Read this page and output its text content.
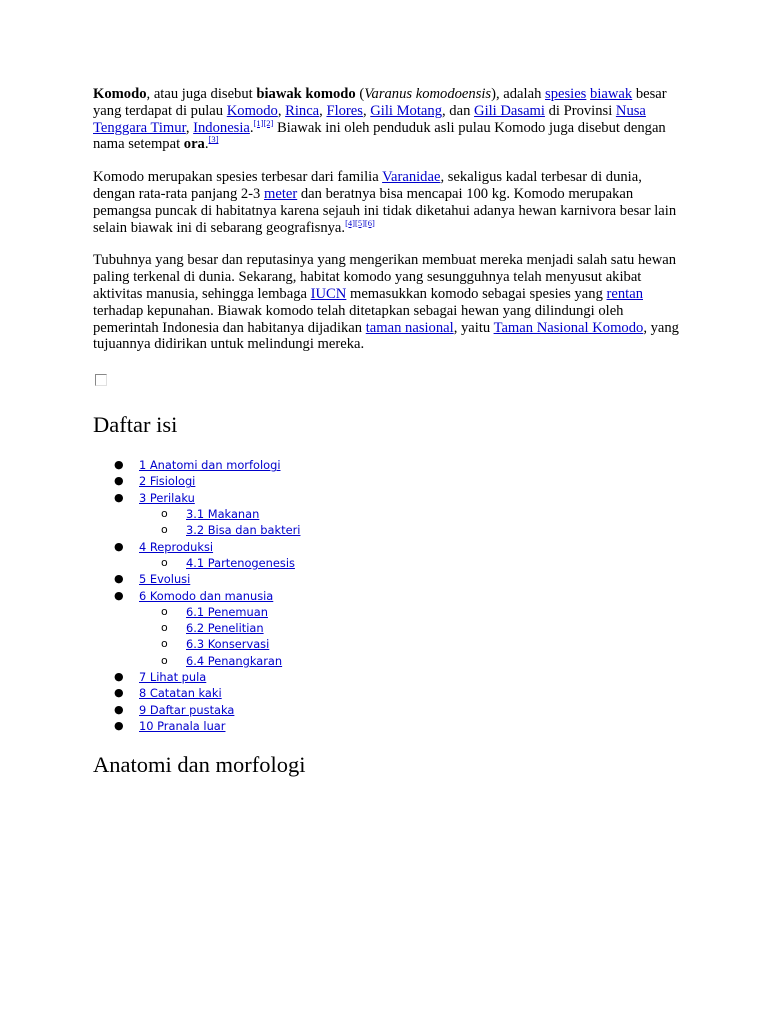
Komodo, atau juga disebut biawak komodo (Varanus komodoensis), adalah spesies biawak besar yang terdapat di pulau Komodo, Rinca, Flores, Gili Motang, dan Gili Dasami di Provinsi Nusa Tenggara Timur, Indonesia.[1][2] Biawak ini oleh penduduk asli pulau Komodo juga disebut dengan nama setempat ora.[3]

Komodo merupakan spesies terbesar dari familia Varanidae, sekaligus kadal terbesar di dunia, dengan rata-rata panjang 2-3 meter dan beratnya bisa mencapai 100 kg. Komodo merupakan pemangsa puncak di habitatnya karena sejauh ini tidak diketahui adanya hewan karnivora besar lain selain biawak ini di sebarang geografisnya.[4][5][6]

Tubuhnya yang besar dan reputasinya yang mengerikan membuat mereka menjadi salah satu hewan paling terkenal di dunia. Sekarang, habitat komodo yang sesungguhnya telah menyusut akibat aktivitas manusia, sehingga lembaga IUCN memasukkan komodo sebagai spesies yang rentan terhadap kepunahan. Biawak komodo telah ditetapkan sebagai hewan yang dilindungi oleh pemerintah Indonesia dan habitanya dijadikan taman nasional, yaitu Taman Nasional Komodo, yang tujuannya didirikan untuk melindungi mereka.

Daftar isi
● 1 Anatomi dan morfologi
● 2 Fisiologi
● 3 Perilaku
o 3.1 Makanan
o 3.2 Bisa dan bakteri
● 4 Reproduksi
o 4.1 Partenogenesis
● 5 Evolusi
● 6 Komodo dan manusia
o 6.1 Penemuan
o 6.2 Penelitian
o 6.3 Konservasi
o 6.4 Penangkaran
● 7 Lihat pula
● 8 Catatan kaki
● 9 Daftar pustaka
● 10 Pranala luar
Anatomi dan morfologi
